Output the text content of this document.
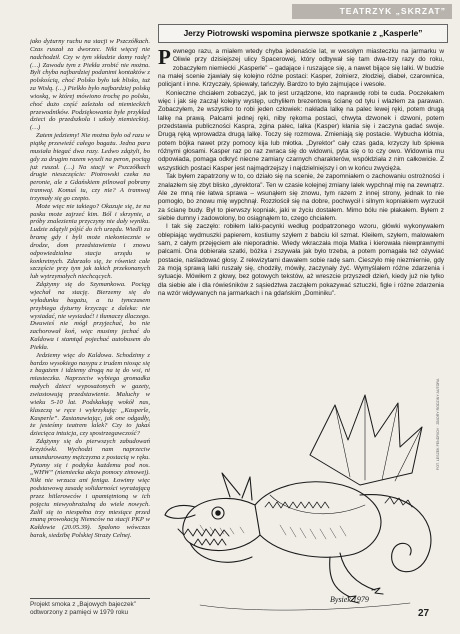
TEATRZYK „SKRZAT”

jako dyżurny ruchu na stacji w Pszczółkach. Czas ruszał za dworzec. Nikt więcej nie nadchodził. Czy w tym składzie damy radę? (…) Zawodu tym z Piekła zrobić nie można. Byli chyba najbardziej podanimi kontaktów z polskością, choć Polsko było tak blisko, tuż za Wisłą. (…) Pielkło było najbardziej polską wioską, w której mówiono trochę po polsku, choć dużo część zależała od niemieckich przewodników. Podziękowania byłe przykład dzieci do przedszkola i szkoły niemieckiej. (…)

Zatem jedziemy! Nie można było od razu w piątkę przewieźć całego bagażu. Jedna para musiała biegać dwa razy. Ledwo zdążyli, bo gdy za drugim razem wyszli na peron, pociąg już ruszał. (…) Na stacji w Pszczółkach drugie nieszczęście: Piotrowski czeka na peronie, ale z Gdańskiem pilnował pobrany tramwaj. Komuś tu, czy nie? A tramwaj trzymały się go czepto.

Może więc nie takiego? Okazuje się, że na pasku może zajrzeć kim. Ból i skrzynie, a próby znalezienia przyczyny nie dały wyniku. Ludzie zdążyli pójść do ich urzędu. Wiedli za bramę gdy i byli może niekoniecznie w drodze, dom przedstawienia i znowu odpowiedzialna stacja urzędu w konkretnych. Zdarzało się, że również całe szczęście przy tym jak takich przekonanych lub wytrzymałych niechcących.

Zdążymy się do Szymankowa. Pociąg wjechał na stację. Bierzemy się do wyładunku bagażu, a tu tymczasem przybiega dyżurny krzycząc z daleka: nie wysiadać, nie wysiadać! i tłumaczy dlaczego. Dwuwieś nie mógł przyjechać, bo nie zachorował koń, więc musimy jechać do Kaldowa i stamtąd pojechać autobusem do Piekła.

Jedziemy więc do Kaldowa. Schodzimy z bardzo wysokiego nasypu z trudem niosąc się z bagażem i idziemy drogą na tę do wsi, ni miasteczka. Naprzeciw wybiega gromadka małych dzieci wyposażonych w gazety, zwiastowują przedstawienie. Maluchy w wieku 5-10 lat. Podskakują wokół nas, klaszczą w ręce i wykrzykują: „Kasperle, Kasperle”. Zastanawiając, jak one odgadły, że jesteśmy teatrem lalek? Czy to jakaś dziecięca intuicja, czy spostrzegawczość?

Zdążymy się do pierwszych zabudowań krzyżówki. Wychodzi nam naprzeciw umundurowany mężczyzna z postacią w ręku. Pytamy się i podtyka każdemu pod nos. „WHW” (niemiecka akcja pomocy zimowej). Nikt nie wrzuca ani feniga. Łowimy więc podstawową zasadę solidarności wyrażającą przez hitlerowców i upamiętnioną w ich pojęciu niewyobrażalną do wiele nowych. Żalił się to niespełna trzy miesiące przed znaną prowokacją Niemców na stacji PKP w Kałdowie (20.05.39). Spalono wówczas barak, siedzibę Polskiej Straży Celnej.

Projekt smoka z „Bajowych bajeczek” odtworzony z pamięci w 1979 roku
Jerzy Piotrowski wspomina pierwsze spotkanie z „Kasperle”

Pewnego razu, a miałem wtedy chyba jedenaście lat, w wesołym miasteczku na jarmarku w Oliwie przy dzisiejszej ulicy Spacerowej, który odbywał się tam dwa-trzy razy do roku, zobaczyłem niemiecki „Kasperle” – gadające i ruszające się, a nawet bijące się lalki. W budzie na małej scenie zjawiały się kolejno różne postaci: Kasper, żołnierz, złodziej, diabeł, czarownica, policjant i inne. Krzyczały, śpiewały, tańczyły. Bardzo to było zajmujące i wesołe.

Konieczne chciałem zobaczyć, jak to jest urządzone, kto naprawdę robi te cuda. Poczekałem więc i jak się zaczął kolejny występ, uchyliłem brezentową ścianę od tyłu i wlazłem za parawan. Zobaczyłem, że wszystko to robi jeden człowiek: nakłada lalkę na palec lewej ręki, potem drugą lalkę na prawą. Palcami jednej ręki, niby rękoma postaci, chwyta dzwonek i dzwoni, potem przedstawia publiczności Kaspra, zgina palec, lalka (Kasper) kłania się i zaczyna gadać swoje. Drugą ręką wprowadza drugą lalkę. Toczy się rozmowa. Zmieniają się postacie. Wybucha kłótnia, potem bójka nawet przy pomocy kija lub młotka. „Dyrektor” cały czas gada, krzyczy lub śpiewa różnymi głosami. Kasper raz po raz zwraca się do widowni, pyta się o to czy owo. Widownia mu odpowiada, pomaga odkryć niecne zamiary czarnych charakterów, współdziała z nim całkowicie. Z wszystkich postaci Kasper jest najmądrzejszy i najdzielniejszy i on w końcu zwycięża.

Tak byłem zapatrzony w to, co działo się na scenie, że zapomniałem o zachowaniu ostrożności i znalazłem się zbyt blisko „dyrektora”. Ten w czasie kolejnej zmiany lalek wypchnął mię na zewnątrz. Ale ze mną nie łatwa sprawa – wsunąłem się znowu, tym razem z innej strony, jednak to nie pomogło, bo znowu mię wypchnął. Rozzłościł się na dobre, pochwycił i silnym kopniakiem wyrzucił za ścianę budy. Był to pierwszy kopniak, jaki w życiu dostałem. Mimo bólu nie płakałem. Byłem z siebie dumny i zadowolony, bo osiągnąłem to, czego chciałem.

I tak się zaczęło: robiłem lalki-pacynki według podpatrzonego wzoru, główki wykonywałem oblepiając wydmuszki papierem, kostiumy szyłem z babciu kil szmat. Kleiłem, szyłem, malowałem sam, z całym przejęciem ale nieporadnie. Wiedy wkraczała moja Matka i kierowała niewprawnymi palcami. Ona dobierała szatki, bóżka i zszywała jak było trzeba, a potem pomagała też ożywiać postacie, naśladować głosy. Z rekwizytami dawałem sobie radę sam. Cieszyło mię niezmiernie, gdy za moją sprawą lalki ruszały się, chodziły, mówiły, zaczynały żyć. Wymyślałem różne zdarzenia i sytuacje. Mówiłem z głowy, bez gotowych tekstów, aż wreszcie przyszedł dzień, kiedy już nie tylko dla siebie ale i dla rówieśników z sąsiedztwa zacząłem pokazywać sztuczki, figle i różne zdarzenia na wzór widywanych na jarmarkach i na gdańskim „Dominiku”.

Bysiek 1979
FOT. LESZEK FENDRICH · ZBIORY RODZINY AUTORA
27
